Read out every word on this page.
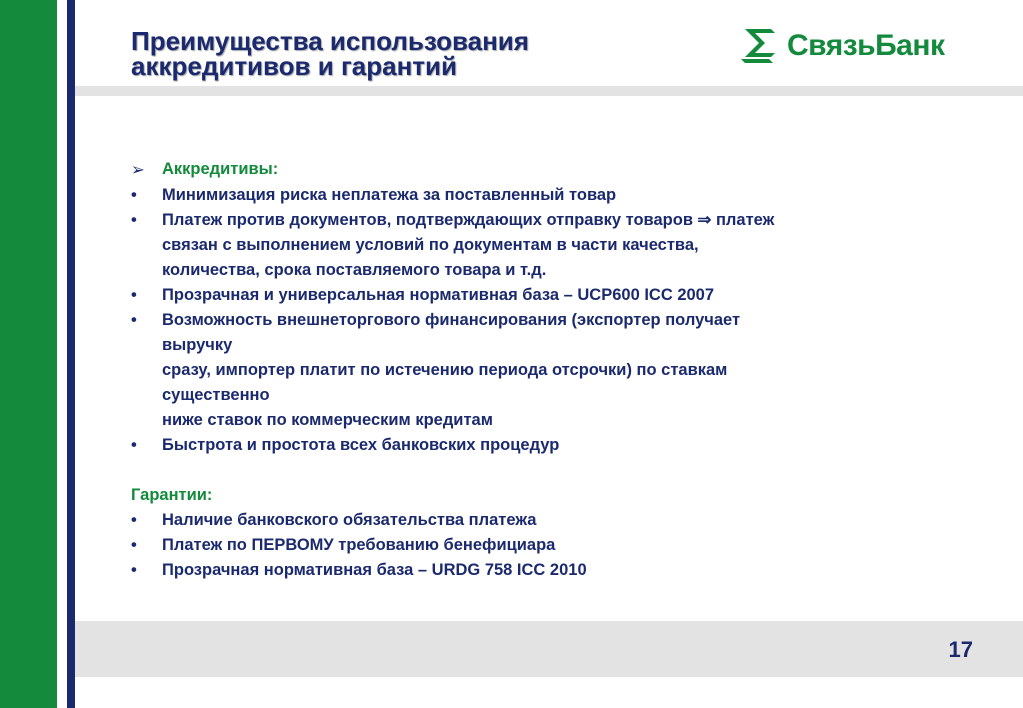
Преимущества использования
аккредитивов и гарантий
СвязьБанк
➢	Аккредитивы:
•	Минимизация риска неплатежа за поставленный товар
•	Платеж против документов, подтверждающих отправку товаров ⇒ платеж
связан с выполнением условий по документам в части качества,
количества, срока поставляемого товара и т.д.
•	Прозрачная и универсальная нормативная база – UCP600 ICC 2007
•	Возможность внешнеторгового финансирования (экспортер получает
выручку
сразу, импортер платит по истечению периода отсрочки) по ставкам
существенно
ниже ставок по коммерческим кредитам
•	Быстрота и простота всех банковских процедур
Гарантии:
•	Наличие банковского обязательства платежа
•	Платеж по ПЕРВОМУ требованию бенефициара
•	Прозрачная нормативная база – URDG 758 ICC 2010
17
